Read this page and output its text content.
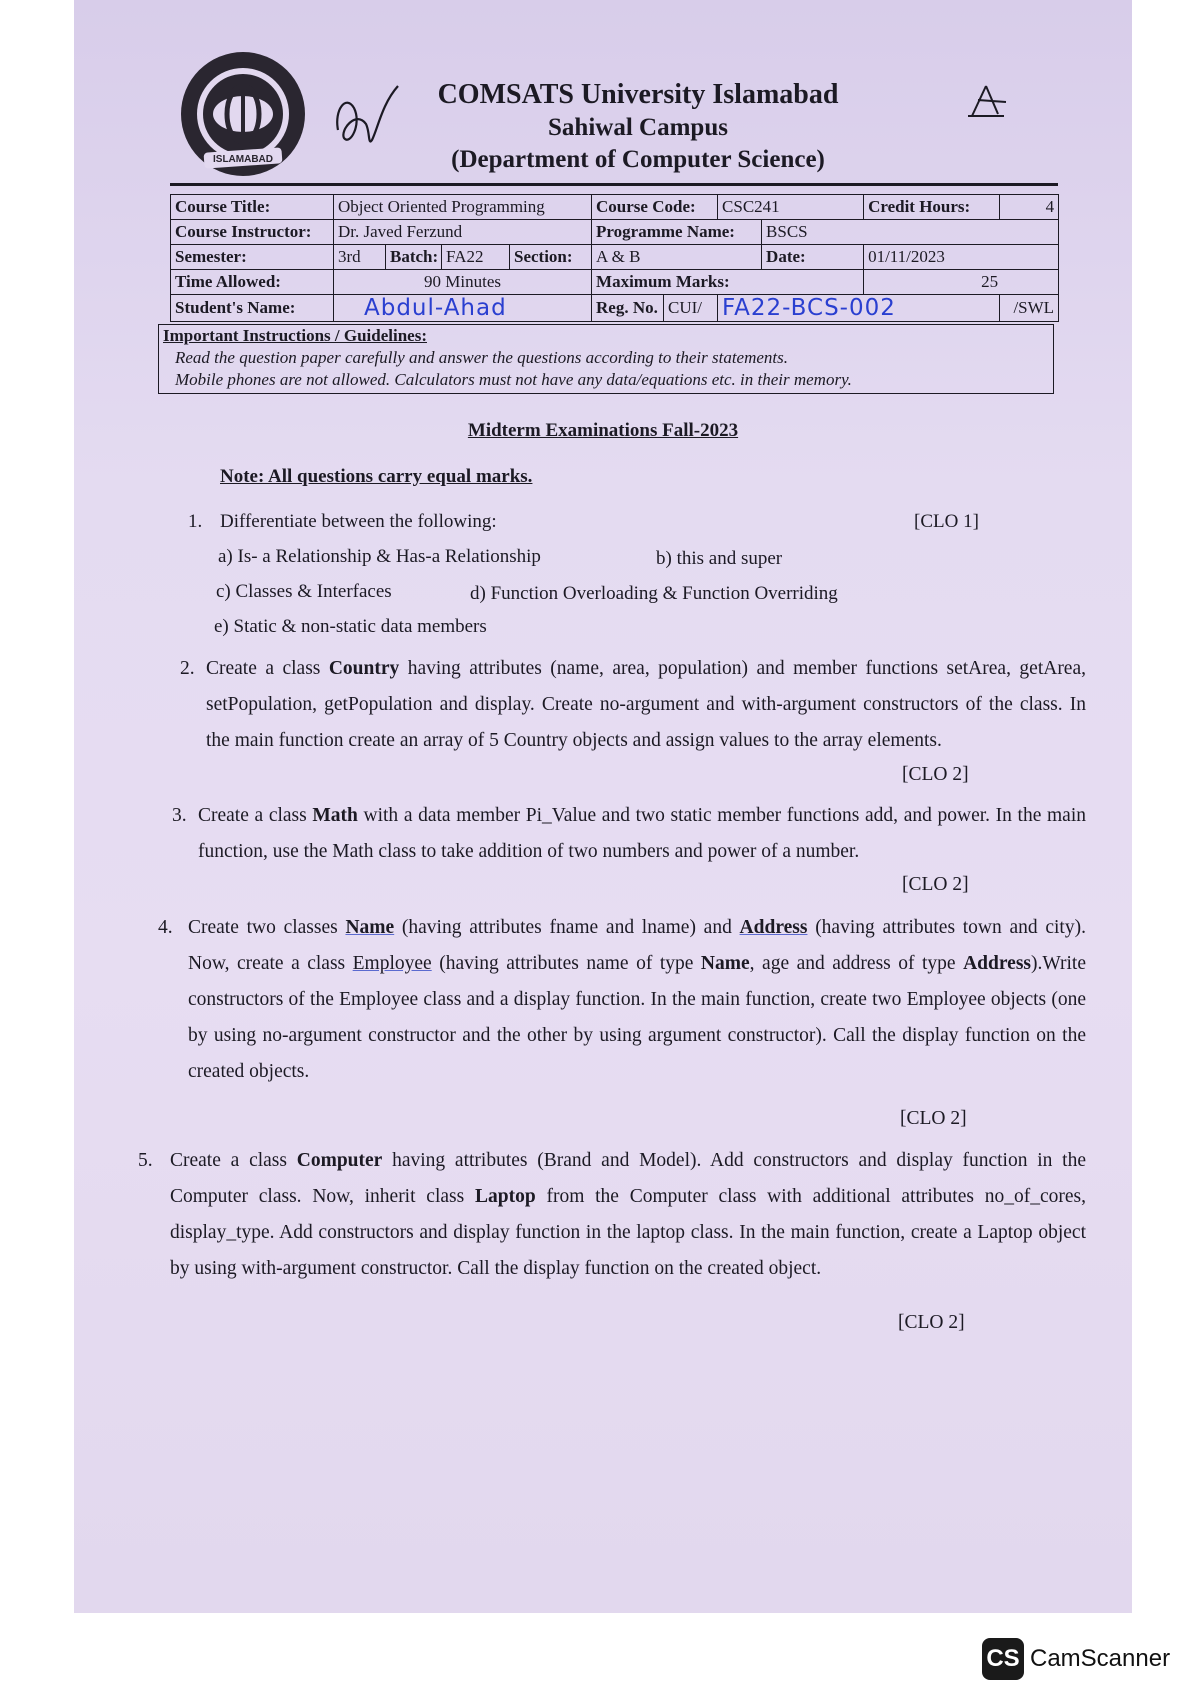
ISLAMABAD
COMSATS University Islamabad
Sahiwal Campus
(Department of Computer Science)
Course Title:	Object Oriented Programming				Course Code:		CSC241		Credit Hours:	4
Course Instructor:	Dr. Javed Ferzund				Programme Name:			BSCS		
Semester:	3rd	Batch:	FA22	Section:	A & B			Date:	01/11/2023	
Time Allowed:	90 Minutes				Maximum Marks:				25	
Student's Name:	Abdul-Ahad				Reg. No.	CUI/	FA22-BCS-002			/SWL
Important Instructions / Guidelines:
Read the question paper carefully and answer the questions according to their statements.
Mobile phones are not allowed. Calculators must not have any data/equations etc. in their memory.
Midterm Examinations Fall-2023
Note: All questions carry equal marks.
1. Differentiate between the following:	[CLO 1]
a) Is- a Relationship & Has-a Relationship	b) this and super
c) Classes & Interfaces	d) Function Overloading & Function Overriding
e) Static & non-static data members
2. Create a class Country having attributes (name, area, population) and member functions setArea, getArea, setPopulation, getPopulation and display. Create no-argument and with-argument constructors of the class. In the main function create an array of 5 Country objects and assign values to the array elements.
[CLO 2]
3. Create a class Math with a data member Pi_Value and two static member functions add, and power. In the main function, use the Math class to take addition of two numbers and power of a number.
[CLO 2]
4. Create two classes Name (having attributes fname and lname) and Address (having attributes town and city). Now, create a class Employee (having attributes name of type Name, age and address of type Address).Write constructors of the Employee class and a display function. In the main function, create two Employee objects (one by using no-argument constructor and the other by using argument constructor). Call the display function on the created objects.
[CLO 2]
5. Create a class Computer having attributes (Brand and Model). Add constructors and display function in the Computer class. Now, inherit class Laptop from the Computer class with additional attributes no_of_cores, display_type. Add constructors and display function in the laptop class. In the main function, create a Laptop object by using with-argument constructor. Call the display function on the created object.
[CLO 2]
CS CamScanner
